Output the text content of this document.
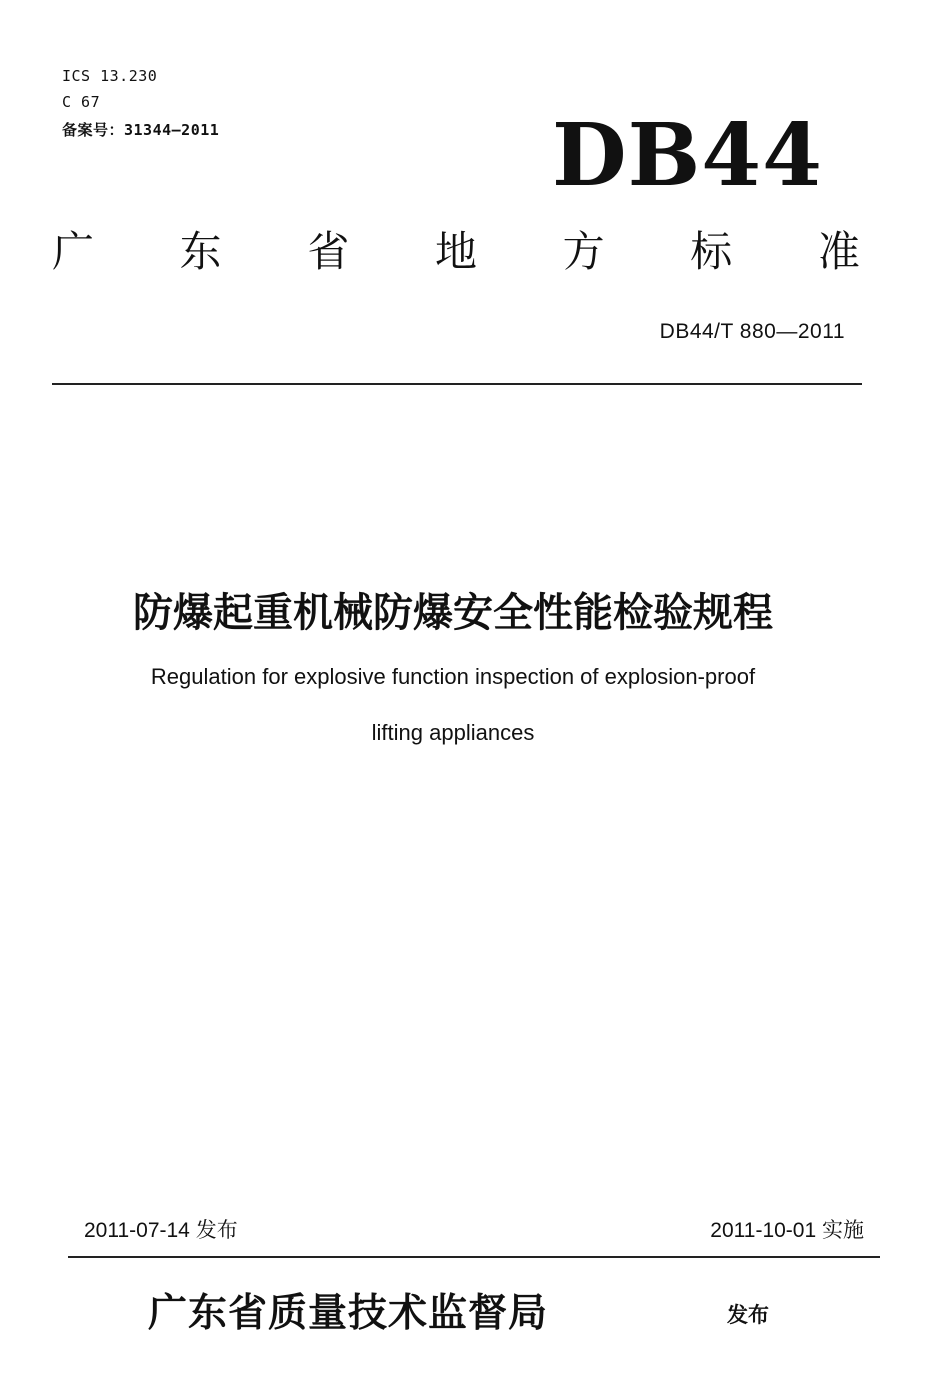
ICS 13.230
C 67
备案号：31344—2011	DB44
广 东 省 地 方 标 准
DB44/T 880—2011
防爆起重机械防爆安全性能检验规程
Regulation for explosive function inspection of explosion-proof
lifting appliances
2011-07-14 发布	2011-10-01 实施
广东省质量技术监督局	发布
